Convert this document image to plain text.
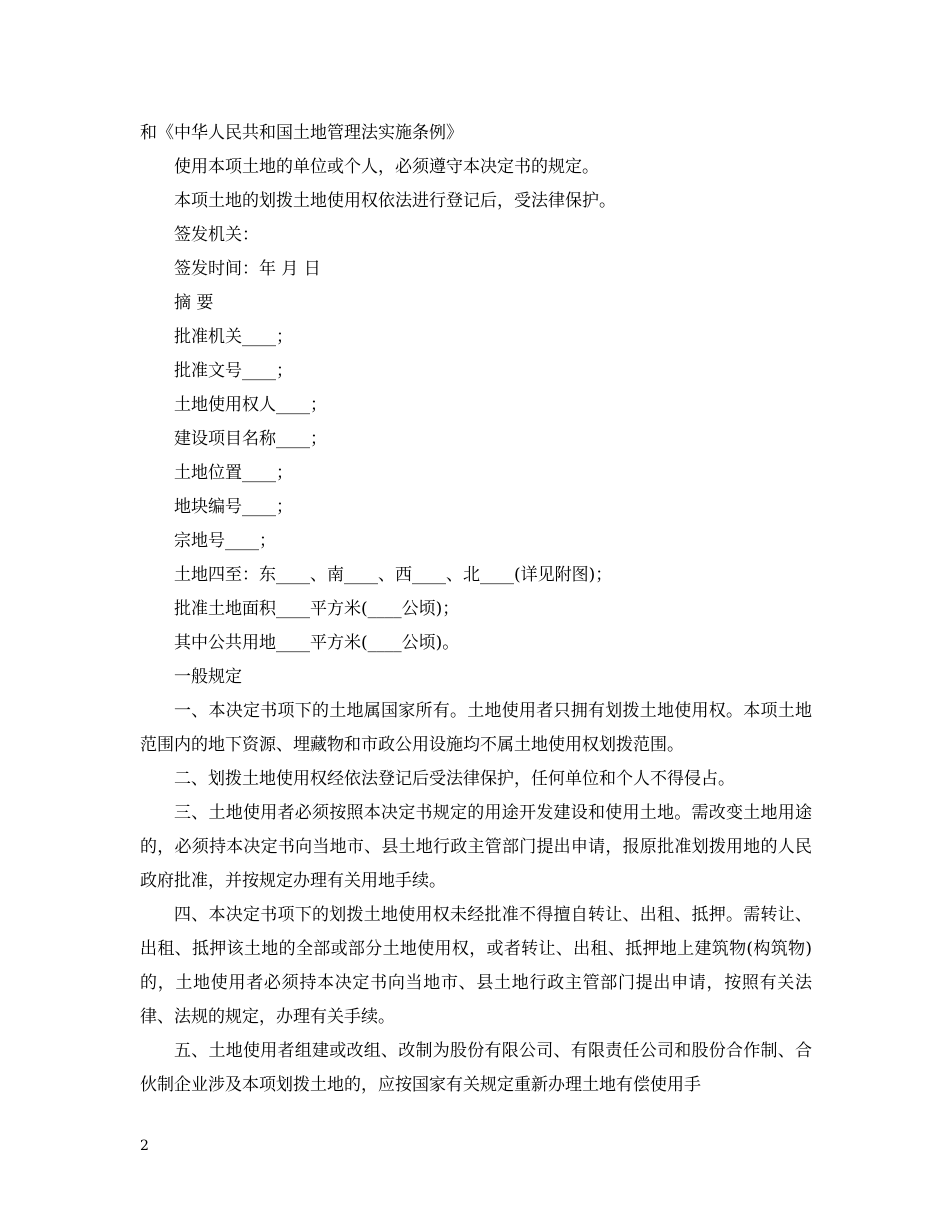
和《中华人民共和国土地管理法实施条例》
使用本项土地的单位或个人，必须遵守本决定书的规定。
本项土地的划拨土地使用权依法进行登记后，受法律保护。
签发机关：
签发时间：年 月 日
摘 要
批准机关____；
批准文号____；
土地使用权人____；
建设项目名称____；
土地位置____；
地块编号____；
宗地号____；
土地四至：东____、南____、西____、北____(详见附图)；
批准土地面积____平方米(____公顷)；
其中公共用地____平方米(____公顷)。
一般规定

一、本决定书项下的土地属国家所有。土地使用者只拥有划拨土地使用权。本项土地范围内的地下资源、埋藏物和市政公用设施均不属土地使用权划拨范围。

二、划拨土地使用权经依法登记后受法律保护，任何单位和个人不得侵占。

三、土地使用者必须按照本决定书规定的用途开发建设和使用土地。需改变土地用途的，必须持本决定书向当地市、县土地行政主管部门提出申请，报原批准划拨用地的人民政府批准，并按规定办理有关用地手续。

四、本决定书项下的划拨土地使用权未经批准不得擅自转让、出租、抵押。需转让、出租、抵押该土地的全部或部分土地使用权，或者转让、出租、抵押地上建筑物(构筑物)的，土地使用者必须持本决定书向当地市、县土地行政主管部门提出申请，按照有关法律、法规的规定，办理有关手续。

五、土地使用者组建或改组、改制为股份有限公司、有限责任公司和股份合作制、合伙制企业涉及本项划拨土地的，应按国家有关规定重新办理土地有偿使用手

2
